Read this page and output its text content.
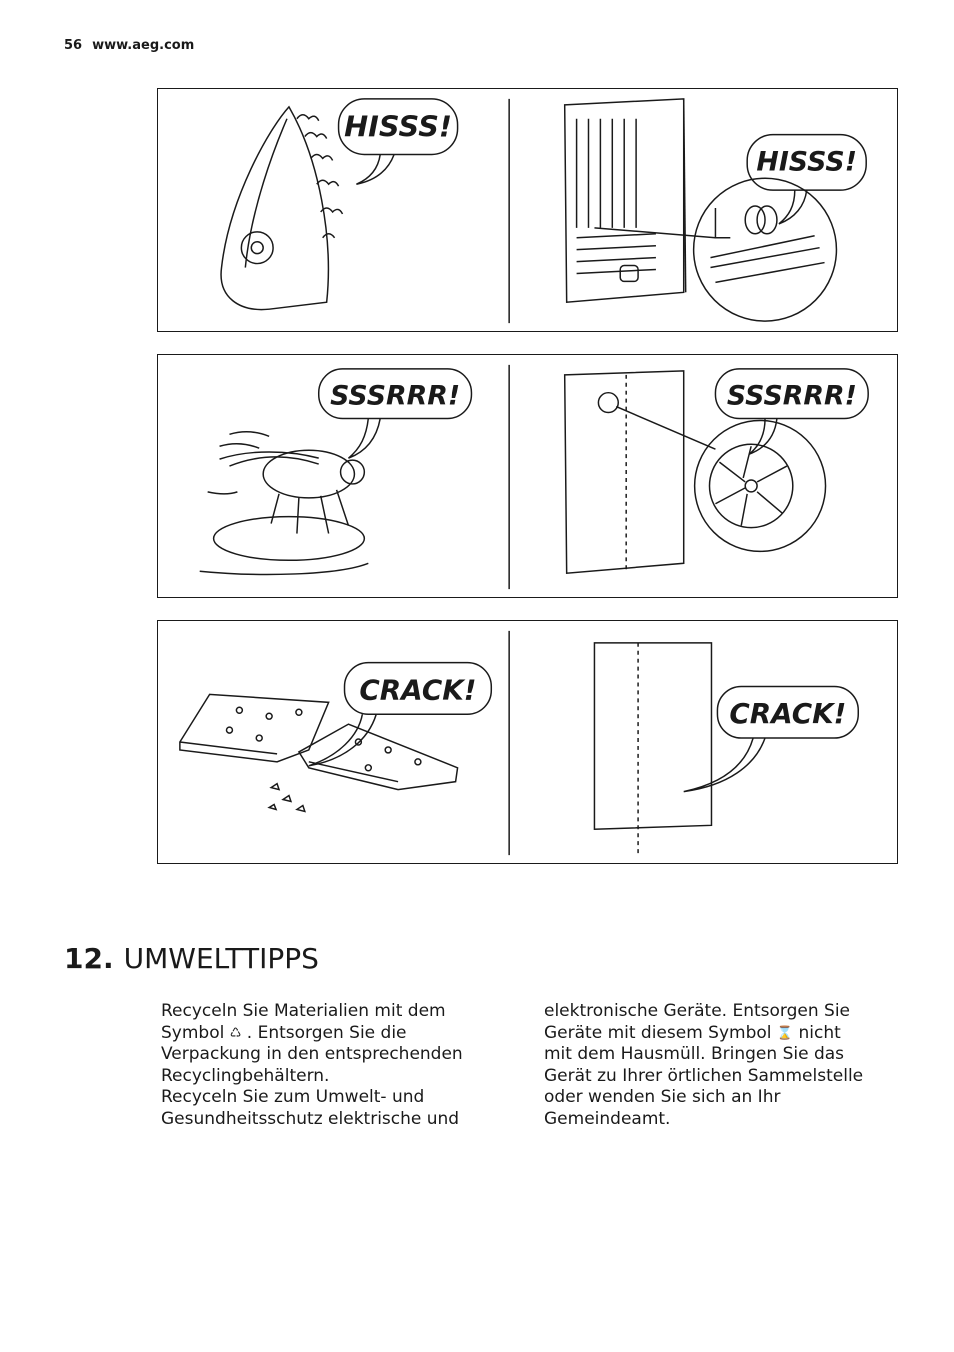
56 www.aeg.com
HISSS!
HISSS!
SSSRRR!	SSSRRR!
CRACK!
CRACK!
12. UMWELTTIPPS

Recyceln Sie Materialien mit dem Symbol ♺ . Entsorgen Sie die Verpackung in den entsprechenden Recyclingbehältern.

Recyceln Sie zum Umwelt- und Gesundheitsschutz elektrische und

elektronische Geräte. Entsorgen Sie Geräte mit diesem Symbol ⌛ nicht mit dem Hausmüll. Bringen Sie das Gerät zu Ihrer örtlichen Sammelstelle oder wenden Sie sich an Ihr Gemeindeamt.
